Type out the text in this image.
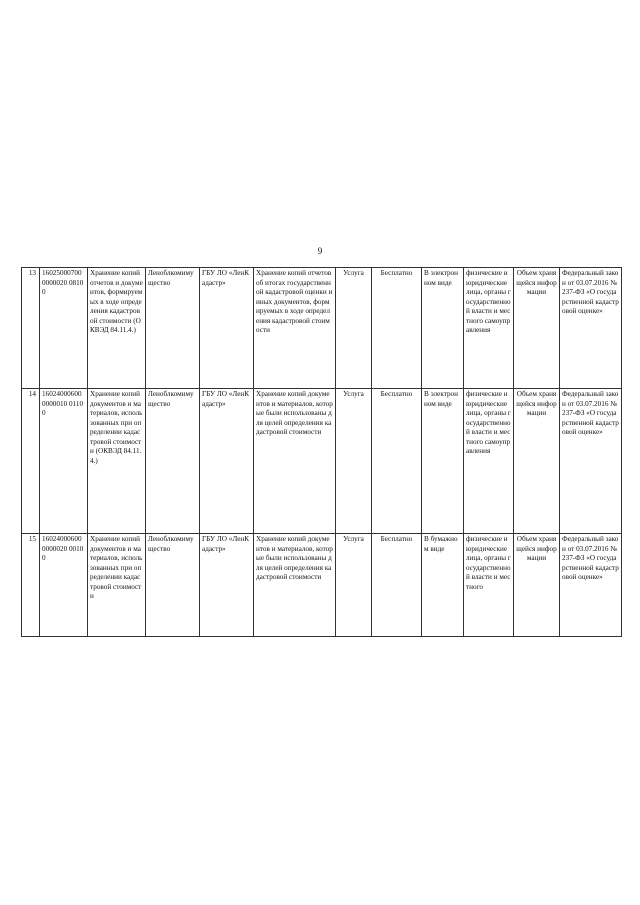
9
13	160250007000000020 08100	Хранение копий отчетов и документов, формируемых в ходе определения кадастровой стоимости (ОКВЭД 84.11.4.)	Леноблкомимущество	ГБУ ЛО «ЛенКадастр»	Хранение копий отчетов об итогах государственной кадастровой оценки и иных документов, формируемых в ходе определения кадастровой стоимости	Услуга	Бесплатно	В электронном виде	физические и юридические лица, органы государственной власти и местного самоуправления	Объем хранящейся информации	Федеральный закон от 03.07.2016 № 237-ФЗ «О государственной кадастровой оценке»
14	160240006000000010 01100	Хранение копий документов и материалов, использованных при определении кадастровой стоимости (ОКВЭД 84.11.4.)	Леноблкомимущество	ГБУ ЛО «ЛенКадастр»	Хранение копий документов и материалов, которые были использованы для целей определения кадастровой стоимости	Услуга	Бесплатно	В электронном виде	физические и юридические лица, органы государственной власти и местного самоуправления	Объем хранящейся информации	Федеральный закон от 03.07.2016 № 237-ФЗ «О государственной кадастровой оценке»
15	160240006000000020 00100	Хранение копий документов и материалов, использованных при определении кадастровой стоимости	Леноблкомимущество	ГБУ ЛО «ЛенКадастр»	Хранение копий документов и материалов, которые были использованы для целей определения кадастровой стоимости	Услуга	Бесплатно	В бумажном виде	физические и юридические лица, органы государственной власти и местного	Объем хранящейся информации	Федеральный закон от 03.07.2016 № 237-ФЗ «О государственной кадастровой оценке»
